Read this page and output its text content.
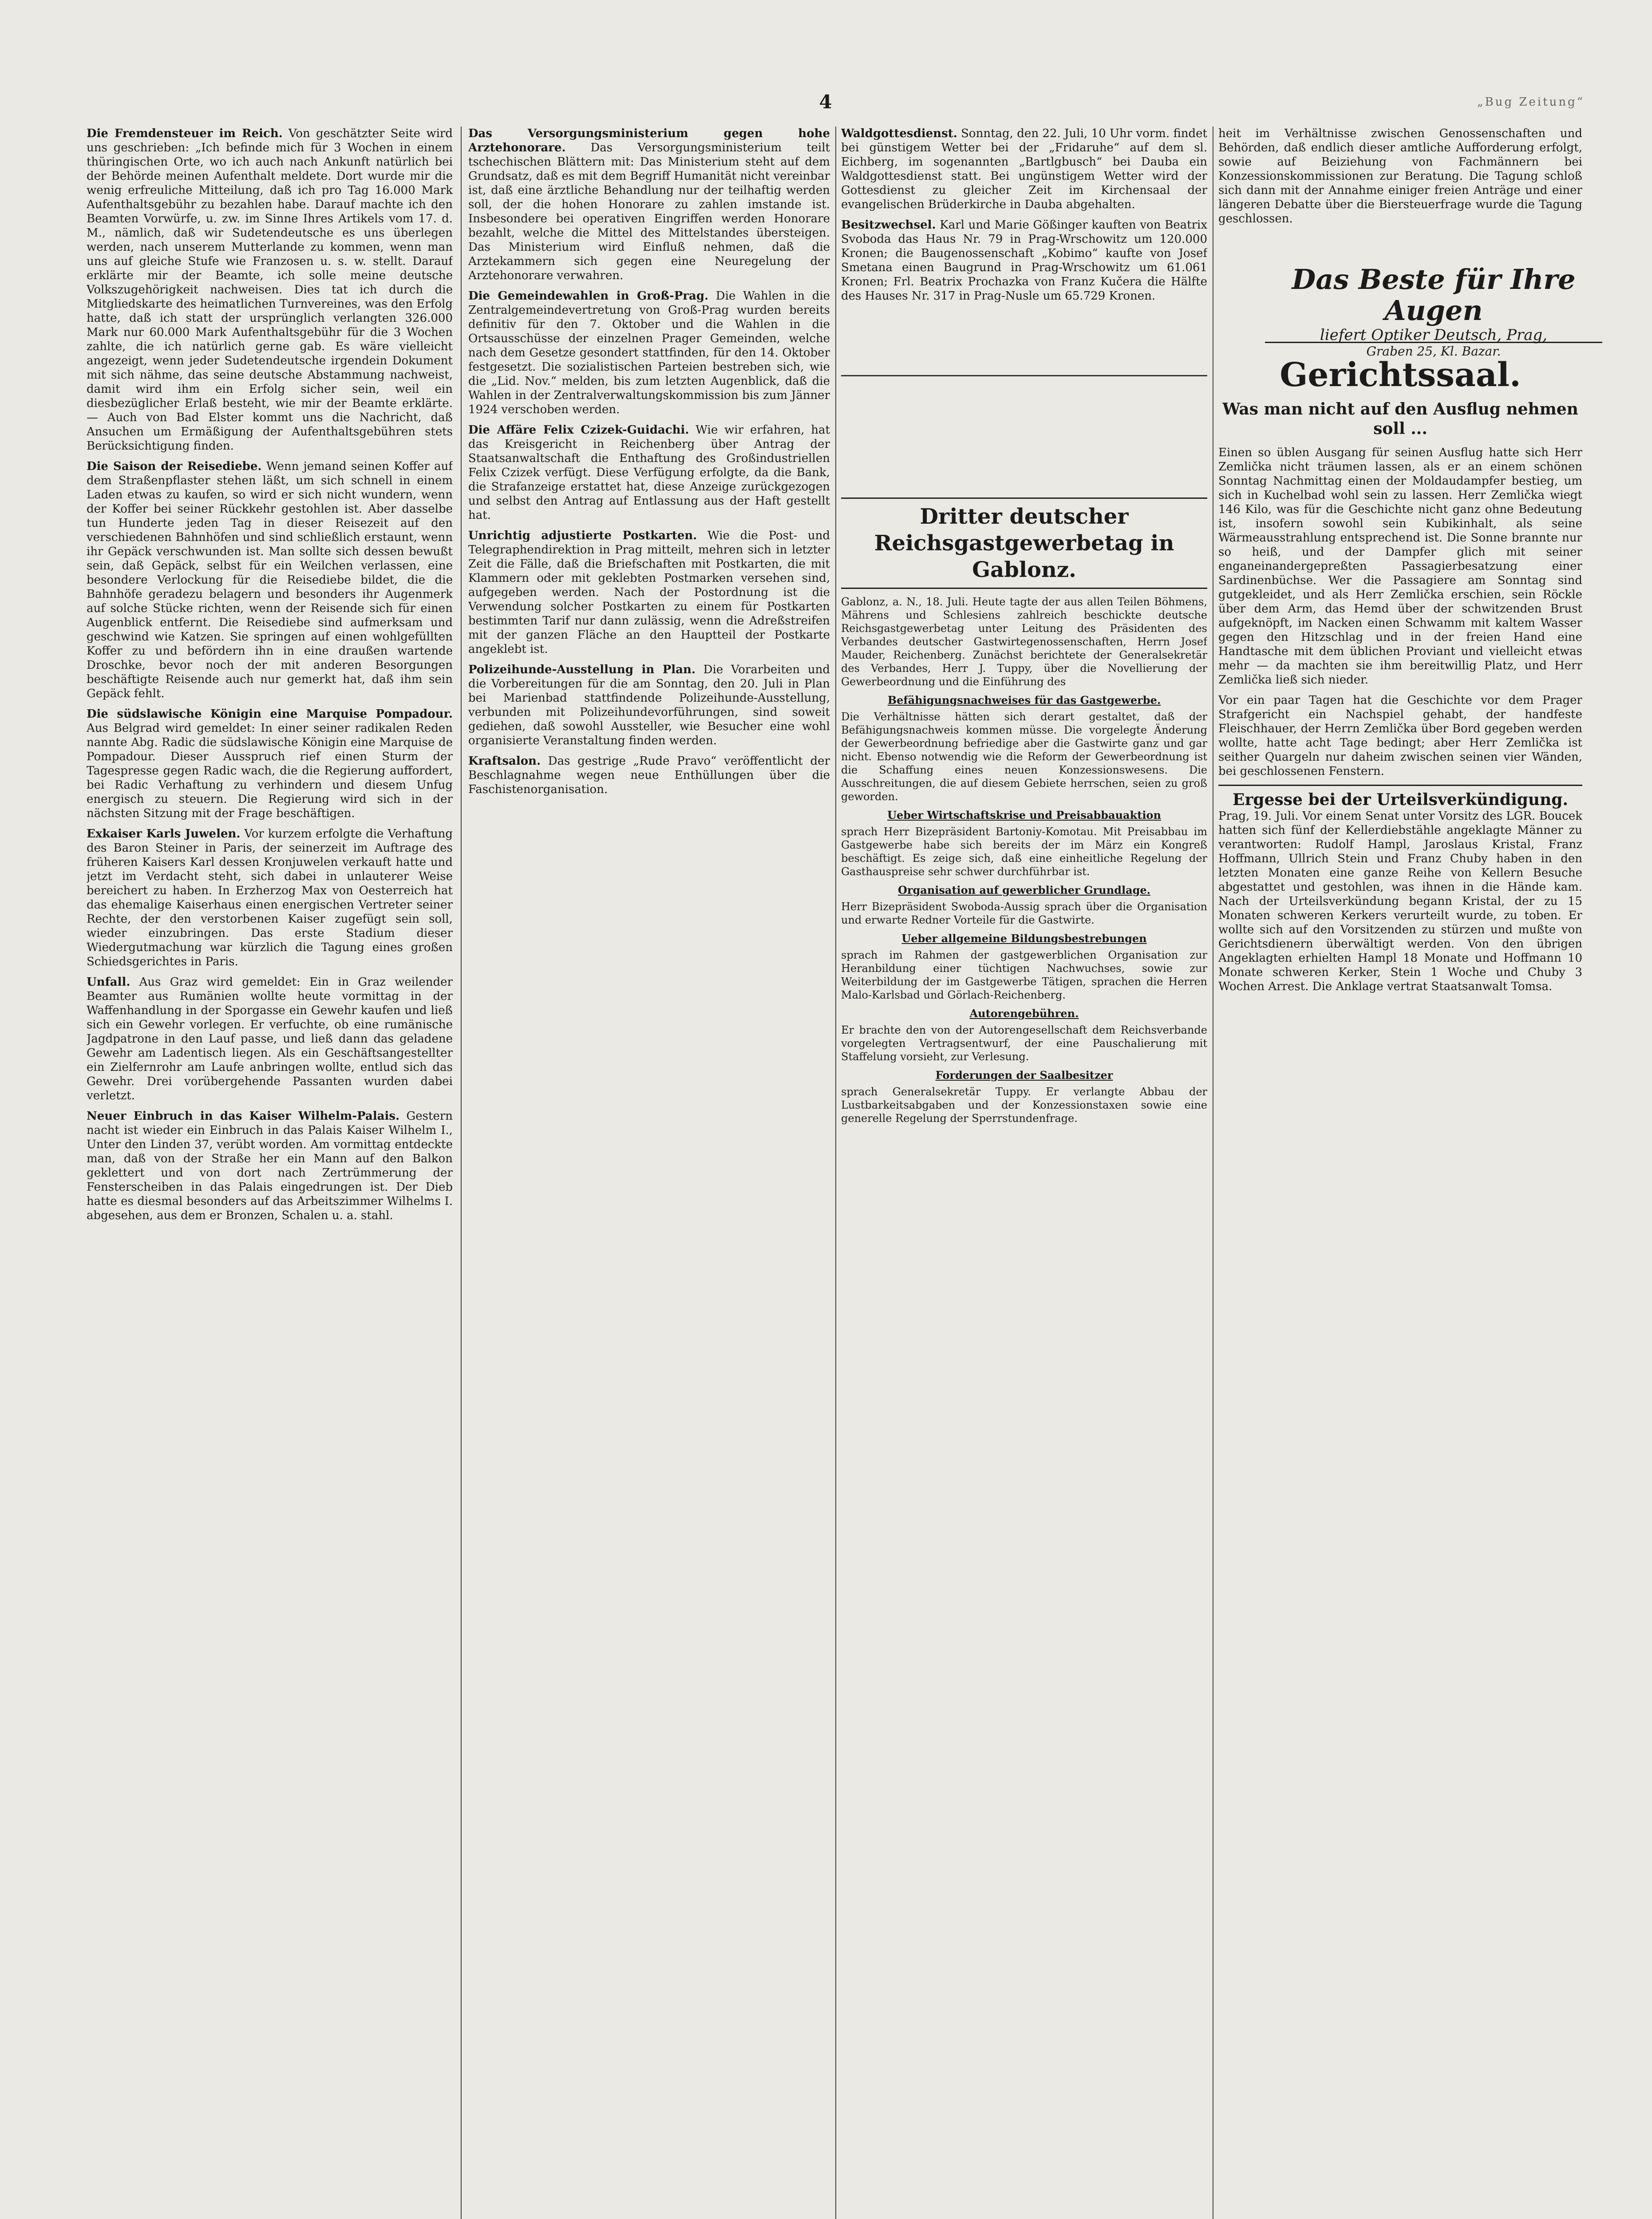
4	„Bug Zeitung“

Die Fremdensteuer im Reich. Von geschätzter Seite wird uns geschrieben: „Ich befinde mich für 3 Wochen in einem thüringischen Orte, wo ich auch nach Ankunft natürlich bei der Behörde meinen Aufenthalt meldete. Dort wurde mir die wenig erfreuliche Mitteilung, daß ich pro Tag 16.000 Mark Aufenthaltsgebühr zu bezahlen habe. Darauf machte ich den Beamten Vorwürfe, u. zw. im Sinne Ihres Artikels vom 17. d. M., nämlich, daß wir Sudetendeutsche es uns überlegen werden, nach unserem Mutterlande zu kommen, wenn man uns auf gleiche Stufe wie Franzosen u. s. w. stellt. Darauf erklärte mir der Beamte, ich solle meine deutsche Volkszugehörigkeit nachweisen. Dies tat ich durch die Mitgliedskarte des heimatlichen Turnvereines, was den Erfolg hatte, daß ich statt der ursprünglich verlangten 326.000 Mark nur 60.000 Mark Aufenthaltsgebühr für die 3 Wochen zahlte, die ich natürlich gerne gab. Es wäre vielleicht angezeigt, wenn jeder Sudetendeutsche irgendein Dokument mit sich nähme, das seine deutsche Abstammung nachweist, damit wird ihm ein Erfolg sicher sein, weil ein diesbezüglicher Erlaß besteht, wie mir der Beamte erklärte. — Auch von Bad Elster kommt uns die Nachricht, daß Ansuchen um Ermäßigung der Aufenthaltsgebühren stets Berücksichtigung finden.

Die Saison der Reisediebe. Wenn jemand seinen Koffer auf dem Straßenpflaster stehen läßt, um sich schnell in einem Laden etwas zu kaufen, so wird er sich nicht wundern, wenn der Koffer bei seiner Rückkehr gestohlen ist. Aber dasselbe tun Hunderte jeden Tag in dieser Reisezeit auf den verschiedenen Bahnhöfen und sind schließlich erstaunt, wenn ihr Gepäck verschwunden ist. Man sollte sich dessen bewußt sein, daß Gepäck, selbst für ein Weilchen verlassen, eine besondere Verlockung für die Reisediebe bildet, die die Bahnhöfe geradezu belagern und besonders ihr Augenmerk auf solche Stücke richten, wenn der Reisende sich für einen Augenblick entfernt. Die Reisediebe sind aufmerksam und geschwind wie Katzen. Sie springen auf einen wohlgefüllten Koffer zu und befördern ihn in eine draußen wartende Droschke, bevor noch der mit anderen Besorgungen beschäftigte Reisende auch nur gemerkt hat, daß ihm sein Gepäck fehlt.

Die südslawische Königin eine Marquise Pompadour. Aus Belgrad wird gemeldet: In einer seiner radikalen Reden nannte Abg. Radic die südslawische Königin eine Marquise de Pompadour. Dieser Ausspruch rief einen Sturm der Tagespresse gegen Radic wach, die die Regierung auffordert, bei Radic Verhaftung zu verhindern und diesem Unfug energisch zu steuern. Die Regierung wird sich in der nächsten Sitzung mit der Frage beschäftigen.

Exkaiser Karls Juwelen. Vor kurzem erfolgte die Verhaftung des Baron Steiner in Paris, der seinerzeit im Auftrage des früheren Kaisers Karl dessen Kronjuwelen verkauft hatte und jetzt im Verdacht steht, sich dabei in unlauterer Weise bereichert zu haben. In Erzherzog Max von Oesterreich hat das ehemalige Kaiserhaus einen energischen Vertreter seiner Rechte, der den verstorbenen Kaiser zugefügt sein soll, wieder einzubringen. Das erste Stadium dieser Wiedergutmachung war kürzlich die Tagung eines großen Schiedsgerichtes in Paris.

Unfall. Aus Graz wird gemeldet: Ein in Graz weilender Beamter aus Rumänien wollte heute vormittag in der Waffenhandlung in der Sporgasse ein Gewehr kaufen und ließ sich ein Gewehr vorlegen. Er verfuchte, ob eine rumänische Jagdpatrone in den Lauf passe, und ließ dann das geladene Gewehr am Ladentisch liegen. Als ein Geschäftsangestellter ein Zielfernrohr am Laufe anbringen wollte, entlud sich das Gewehr. Drei vorübergehende Passanten wurden dabei verletzt.

Neuer Einbruch in das Kaiser Wilhelm-Palais. Gestern nacht ist wieder ein Einbruch in das Palais Kaiser Wilhelm I., Unter den Linden 37, verübt worden. Am vormittag entdeckte man, daß von der Straße her ein Mann auf den Balkon geklettert und von dort nach Zertrümmerung der Fensterscheiben in das Palais eingedrungen ist. Der Dieb hatte es diesmal besonders auf das Arbeitszimmer Wilhelms I. abgesehen, aus dem er Bronzen, Schalen u. a. stahl.

Das Versorgungsministerium gegen hohe Arztehonorare. Das Versorgungsministerium teilt tschechischen Blättern mit: Das Ministerium steht auf dem Grundsatz, daß es mit dem Begriff Humanität nicht vereinbar ist, daß eine ärztliche Behandlung nur der teilhaftig werden soll, der die hohen Honorare zu zahlen imstande ist. Insbesondere bei operativen Eingriffen werden Honorare bezahlt, welche die Mittel des Mittelstandes übersteigen. Das Ministerium wird Einfluß nehmen, daß die Arztekammern sich gegen eine Neuregelung der Arztehonorare verwahren.

Die Gemeindewahlen in Groß-Prag. Die Wahlen in die Zentralgemeindevertretung von Groß-Prag wurden bereits definitiv für den 7. Oktober und die Wahlen in die Ortsausschüsse der einzelnen Prager Gemeinden, welche nach dem Gesetze gesondert stattfinden, für den 14. Oktober festgesetzt. Die sozialistischen Parteien bestreben sich, wie die „Lid. Nov.“ melden, bis zum letzten Augenblick, daß die Wahlen in der Zentralverwaltungskommission bis zum Jänner 1924 verschoben werden.

Die Affäre Felix Czizek-Guidachi. Wie wir erfahren, hat das Kreisgericht in Reichenberg über Antrag der Staatsanwaltschaft die Enthaftung des Großindustriellen Felix Czizek verfügt. Diese Verfügung erfolgte, da die Bank, die Strafanzeige erstattet hat, diese Anzeige zurückgezogen und selbst den Antrag auf Entlassung aus der Haft gestellt hat.

Unrichtig adjustierte Postkarten. Wie die Post- und Telegraphendirektion in Prag mitteilt, mehren sich in letzter Zeit die Fälle, daß die Briefschaften mit Postkarten, die mit Klammern oder mit geklebten Postmarken versehen sind, aufgegeben werden. Nach der Postordnung ist die Verwendung solcher Postkarten zu einem für Postkarten bestimmten Tarif nur dann zulässig, wenn die Adreßstreifen mit der ganzen Fläche an den Hauptteil der Postkarte angeklebt ist.

Polizeihunde-Ausstellung in Plan. Die Vorarbeiten und die Vorbereitungen für die am Sonntag, den 20. Juli in Plan bei Marienbad stattfindende Polizeihunde-Ausstellung, verbunden mit Polizeihundevorführungen, sind soweit gediehen, daß sowohl Aussteller, wie Besucher eine wohl organisierte Veranstaltung finden werden.

Kraftsalon. Das gestrige „Rude Pravo“ veröffentlicht der Beschlagnahme wegen neue Enthüllungen über die Faschistenorganisation.

Waldgottesdienst. Sonntag, den 22. Juli, 10 Uhr vorm. findet bei günstigem Wetter bei der „Fridaruhe“ auf dem sl. Eichberg, im sogenannten „Bartlgbusch“ bei Dauba ein Waldgottesdienst statt. Bei ungünstigem Wetter wird der Gottesdienst zu gleicher Zeit im Kirchensaal der evangelischen Brüderkirche in Dauba abgehalten.

Besitzwechsel. Karl und Marie Gößinger kauften von Beatrix Svoboda das Haus Nr. 79 in Prag-Wrschowitz um 120.000 Kronen; die Baugenossenschaft „Kobimo“ kaufte von Josef Smetana einen Baugrund in Prag-Wrschowitz um 61.061 Kronen; Frl. Beatrix Prochazka von Franz Kučera die Hälfte des Hauses Nr. 317 in Prag-Nusle um 65.729 Kronen.

Dritter deutscher Reichsgastgewerbetag in Gablonz.

Gablonz, a. N., 18. Juli. Heute tagte der aus allen Teilen Böhmens, Mährens und Schlesiens zahlreich beschickte deutsche Reichsgastgewerbetag unter Leitung des Präsidenten des Verbandes deutscher Gastwirtegenossenschaften, Herrn Josef Mauder, Reichenberg. Zunächst berichtete der Generalsekretär des Verbandes, Herr J. Tuppy, über die Novellierung der Gewerbeordnung und die Einführung des

Befähigungsnachweises für das Gastgewerbe.

Die Verhältnisse hätten sich derart gestaltet, daß der Befähigungsnachweis kommen müsse. Die vorgelegte Änderung der Gewerbeordnung befriedige aber die Gastwirte ganz und gar nicht. Ebenso notwendig wie die Reform der Gewerbeordnung ist die Schaffung eines neuen Konzessionswesens. Die Ausschreitungen, die auf diesem Gebiete herrschen, seien zu groß geworden.

Ueber Wirtschaftskrise und Preisabbauaktion

sprach Herr Bizepräsident Bartoniy-Komotau. Mit Preisabbau im Gastgewerbe habe sich bereits der im März ein Kongreß beschäftigt. Es zeige sich, daß eine einheitliche Regelung der Gasthauspreise sehr schwer durchführbar ist.

Organisation auf gewerblicher Grundlage.

Herr Bizepräsident Swoboda-Aussig sprach über die Organisation und erwarte Redner Vorteile für die Gastwirte.

Ueber allgemeine Bildungsbestrebungen

sprach im Rahmen der gastgewerblichen Organisation zur Heranbildung einer tüchtigen Nachwuchses, sowie zur Weiterbildung der im Gastgewerbe Tätigen, sprachen die Herren Malo-Karlsbad und Görlach-Reichenberg.

Autorengebühren.

Er brachte den von der Autorengesellschaft dem Reichsverbande vorgelegten Vertragsentwurf, der eine Pauschalierung mit Staffelung vorsieht, zur Verlesung.

Forderungen der Saalbesitzer

sprach Generalsekretär Tuppy. Er verlangte Abbau der Lustbarkeitsabgaben und der Konzessionstaxen sowie eine generelle Regelung der Sperrstundenfrage.

heit im Verhältnisse zwischen Genossenschaften und Behörden, daß endlich dieser amtliche Aufforderung erfolgt, sowie auf Beiziehung von Fachmännern bei Konzessionskommissionen zur Beratung. Die Tagung schloß sich dann mit der Annahme einiger freien Anträge und einer längeren Debatte über die Biersteuerfrage wurde die Tagung geschlossen.

Das Beste für Ihre Augen
liefert Optiker Deutsch, Prag,
Graben 25, Kl. Bazar.
Gerichtssaal.
Was man nicht auf den Ausflug nehmen soll ...

Einen so üblen Ausgang für seinen Ausflug hatte sich Herr Zemlička nicht träumen lassen, als er an einem schönen Sonntag Nachmittag einen der Moldaudampfer bestieg, um sich in Kuchelbad wohl sein zu lassen. Herr Zemlička wiegt 146 Kilo, was für die Geschichte nicht ganz ohne Bedeutung ist, insofern sowohl sein Kubikinhalt, als seine Wärmeausstrahlung entsprechend ist. Die Sonne brannte nur so heiß, und der Dampfer glich mit seiner enganeinandergepreßten Passagierbesatzung einer Sardinenbüchse. Wer die Passagiere am Sonntag sind gutgekleidet, und als Herr Zemlička erschien, sein Röckle über dem Arm, das Hemd über der schwitzenden Brust aufgeknöpft, im Nacken einen Schwamm mit kaltem Wasser gegen den Hitzschlag und in der freien Hand eine Handtasche mit dem üblichen Proviant und vielleicht etwas mehr — da machten sie ihm bereitwillig Platz, und Herr Zemlička ließ sich nieder.

Vor ein paar Tagen hat die Geschichte vor dem Prager Strafgericht ein Nachspiel gehabt, der handfeste Fleischhauer, der Herrn Zemlička über Bord gegeben werden wollte, hatte acht Tage bedingt; aber Herr Zemlička ist seither Quargeln nur daheim zwischen seinen vier Wänden, bei geschlossenen Fenstern.

Ergesse bei der Urteilsverkündigung.

Prag, 19. Juli. Vor einem Senat unter Vorsitz des LGR. Boucek hatten sich fünf der Kellerdiebstähle angeklagte Männer zu verantworten: Rudolf Hampl, Jaroslaus Kristal, Franz Hoffmann, Ullrich Stein und Franz Chuby haben in den letzten Monaten eine ganze Reihe von Kellern Besuche abgestattet und gestohlen, was ihnen in die Hände kam. Nach der Urteilsverkündung begann Kristal, der zu 15 Monaten schweren Kerkers verurteilt wurde, zu toben. Er wollte sich auf den Vorsitzenden zu stürzen und mußte von Gerichtsdienern überwältigt werden. Von den übrigen Angeklagten erhielten Hampl 18 Monate und Hoffmann 10 Monate schweren Kerker, Stein 1 Woche und Chuby 3 Wochen Arrest. Die Anklage vertrat Staatsanwalt Tomsa.
